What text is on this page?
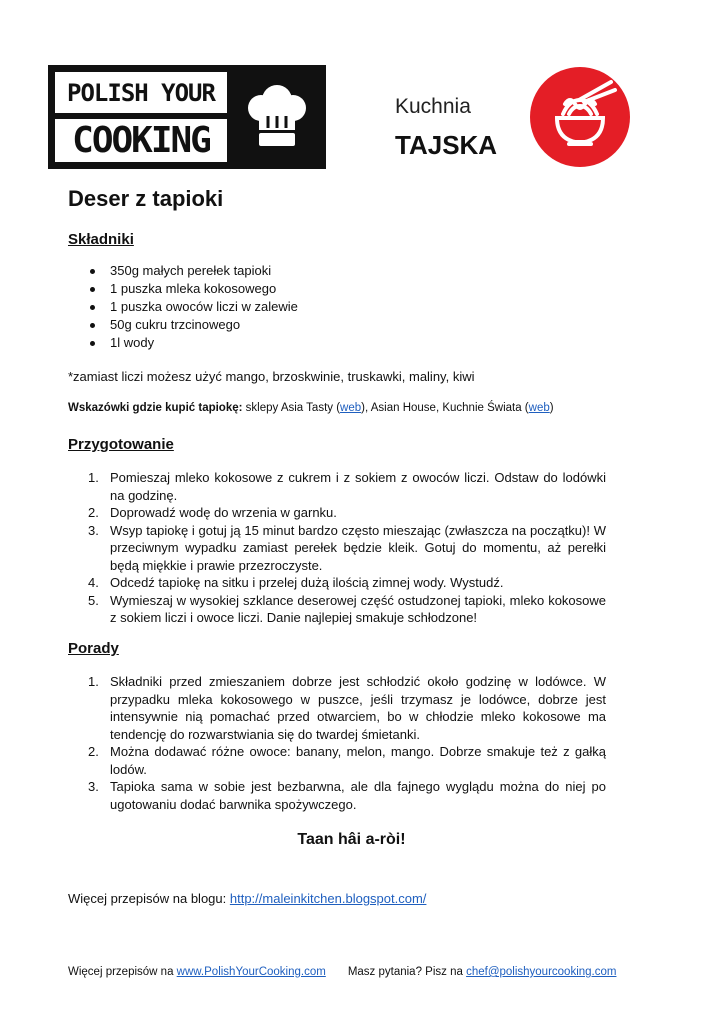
POLISH YOUR
COOKING
Kuchnia
TAJSKA
Deser z tapioki
Składniki
350g małych perełek tapioki
1 puszka mleka kokosowego
1 puszka owoców liczi w zalewie
50g cukru trzcinowego
1l wody
*zamiast liczi możesz użyć mango, brzoskwinie, truskawki, maliny, kiwi
Wskazówki gdzie kupić tapiokę: sklepy Asia Tasty (web), Asian House, Kuchnie Świata (web)
Przygotowanie
1. Pomieszaj mleko kokosowe z cukrem i z sokiem z owoców liczi. Odstaw do lodówki na godzinę.
2. Doprowadź wodę do wrzenia w garnku.
3. Wsyp tapiokę i gotuj ją 15 minut bardzo często mieszając (zwłaszcza na początku)! W przeciwnym wypadku zamiast perełek będzie kleik. Gotuj do momentu, aż perełki będą miękkie i prawie przezroczyste.
4. Odcedź tapiokę na sitku i przelej dużą ilością zimnej wody. Wystudź.
5. Wymieszaj w wysokiej szklance deserowej część ostudzonej tapioki, mleko kokosowe z sokiem liczi i owoce liczi. Danie najlepiej smakuje schłodzone!
Porady
1. Składniki przed zmieszaniem dobrze jest schłodzić około godzinę w lodówce. W przypadku mleka kokosowego w puszce, jeśli trzymasz je lodówce, dobrze jest intensywnie nią pomachać przed otwarciem, bo w chłodzie mleko kokosowe ma tendencję do rozwarstwiania się do twardej śmietanki.
2. Można dodawać różne owoce: banany, melon, mango. Dobrze smakuje też z gałką lodów.
3. Tapioka sama w sobie jest bezbarwna, ale dla fajnego wyglądu można do niej po ugotowaniu dodać barwnika spożywczego.
Taan hâi a-ròi!
Więcej przepisów na blogu: http://maleinkitchen.blogspot.com/
Więcej przepisów na www.PolishYourCooking.com Masz pytania? Pisz na chef@polishyourcooking.com
